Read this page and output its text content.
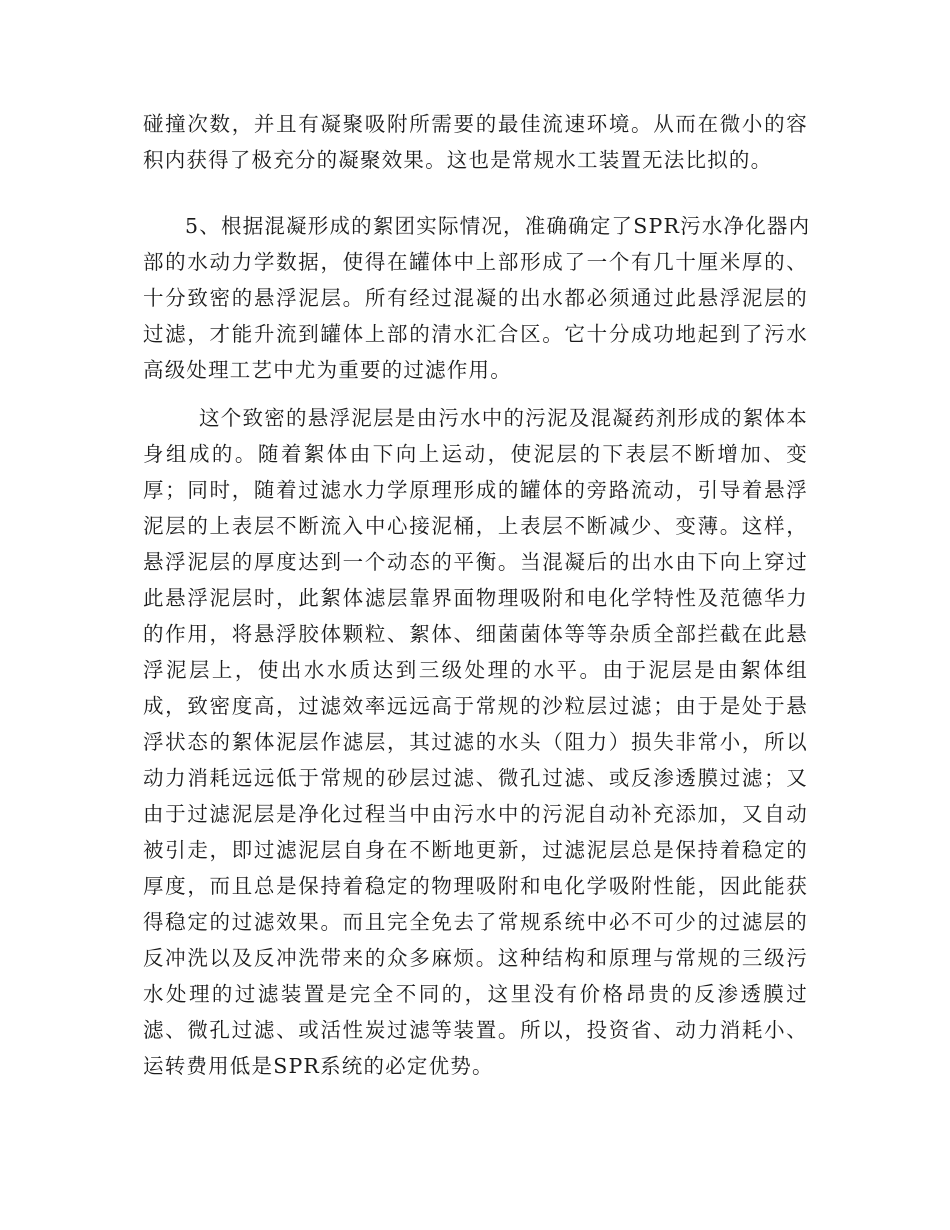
碰撞次数，并且有凝聚吸附所需要的最佳流速环境。从而在微小的容
积内获得了极充分的凝聚效果。这也是常规水工装置无法比拟的。
5、根据混凝形成的絮团实际情况，准确确定了SPR污水净化器内
部的水动力学数据，使得在罐体中上部形成了一个有几十厘米厚的、
十分致密的悬浮泥层。所有经过混凝的出水都必须通过此悬浮泥层的
过滤，才能升流到罐体上部的清水汇合区。它十分成功地起到了污水
高级处理工艺中尤为重要的过滤作用。
这个致密的悬浮泥层是由污水中的污泥及混凝药剂形成的絮体本
身组成的。随着絮体由下向上运动，使泥层的下表层不断增加、变
厚；同时，随着过滤水力学原理形成的罐体的旁路流动，引导着悬浮
泥层的上表层不断流入中心接泥桶，上表层不断减少、变薄。这样，
悬浮泥层的厚度达到一个动态的平衡。当混凝后的出水由下向上穿过
此悬浮泥层时，此絮体滤层靠界面物理吸附和电化学特性及范德华力
的作用，将悬浮胶体颗粒、絮体、细菌菌体等等杂质全部拦截在此悬
浮泥层上，使出水水质达到三级处理的水平。由于泥层是由絮体组
成，致密度高，过滤效率远远高于常规的沙粒层过滤；由于是处于悬
浮状态的絮体泥层作滤层，其过滤的水头（阻力）损失非常小，所以
动力消耗远远低于常规的砂层过滤、微孔过滤、或反渗透膜过滤；又
由于过滤泥层是净化过程当中由污水中的污泥自动补充添加，又自动
被引走，即过滤泥层自身在不断地更新，过滤泥层总是保持着稳定的
厚度，而且总是保持着稳定的物理吸附和电化学吸附性能，因此能获
得稳定的过滤效果。而且完全免去了常规系统中必不可少的过滤层的
反冲洗以及反冲洗带来的众多麻烦。这种结构和原理与常规的三级污
水处理的过滤装置是完全不同的，这里没有价格昂贵的反渗透膜过
滤、微孔过滤、或活性炭过滤等装置。所以，投资省、动力消耗小、
运转费用低是SPR系统的必定优势。
